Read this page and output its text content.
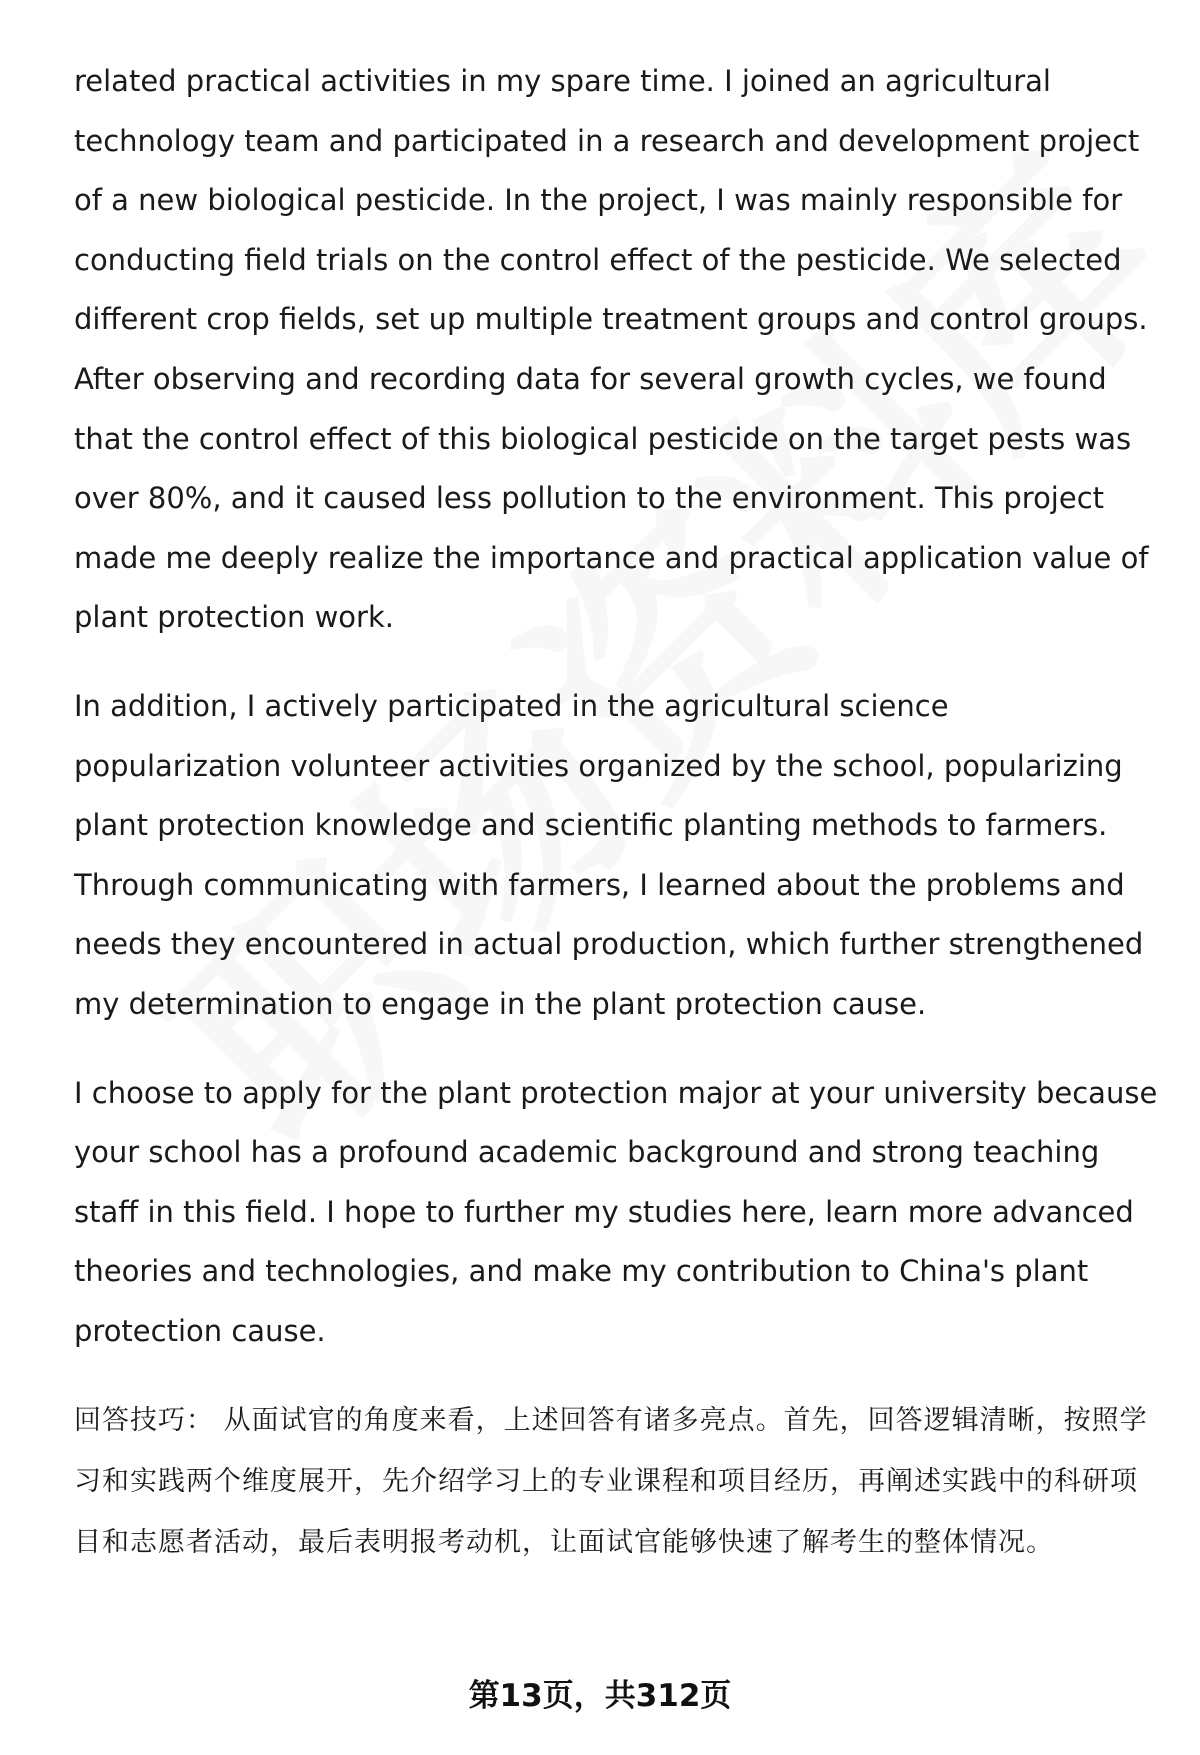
related practical activities in my spare time. I joined an agricultural technology team and participated in a research and development project of a new biological pesticide. In the project, I was mainly responsible for conducting field trials on the control effect of the pesticide. We selected different crop fields, set up multiple treatment groups and control groups. After observing and recording data for several growth cycles, we found that the control effect of this biological pesticide on the target pests was over 80%, and it caused less pollution to the environment. This project made me deeply realize the importance and practical application value of plant protection work.

In addition, I actively participated in the agricultural science popularization volunteer activities organized by the school, popularizing plant protection knowledge and scientific planting methods to farmers. Through communicating with farmers, I learned about the problems and needs they encountered in actual production, which further strengthened my determination to engage in the plant protection cause.

I choose to apply for the plant protection major at your university because your school has a profound academic background and strong teaching staff in this field. I hope to further my studies here, learn more advanced theories and technologies, and make my contribution to China's plant protection cause.

回答技巧： 从面试官的角度来看，上述回答有诸多亮点。首先，回答逻辑清晰，按照学习和实践两个维度展开，先介绍学习上的专业课程和项目经历，再阐述实践中的科研项目和志愿者活动，最后表明报考动机，让面试官能够快速了解考生的整体情况。

第13页，共312页
